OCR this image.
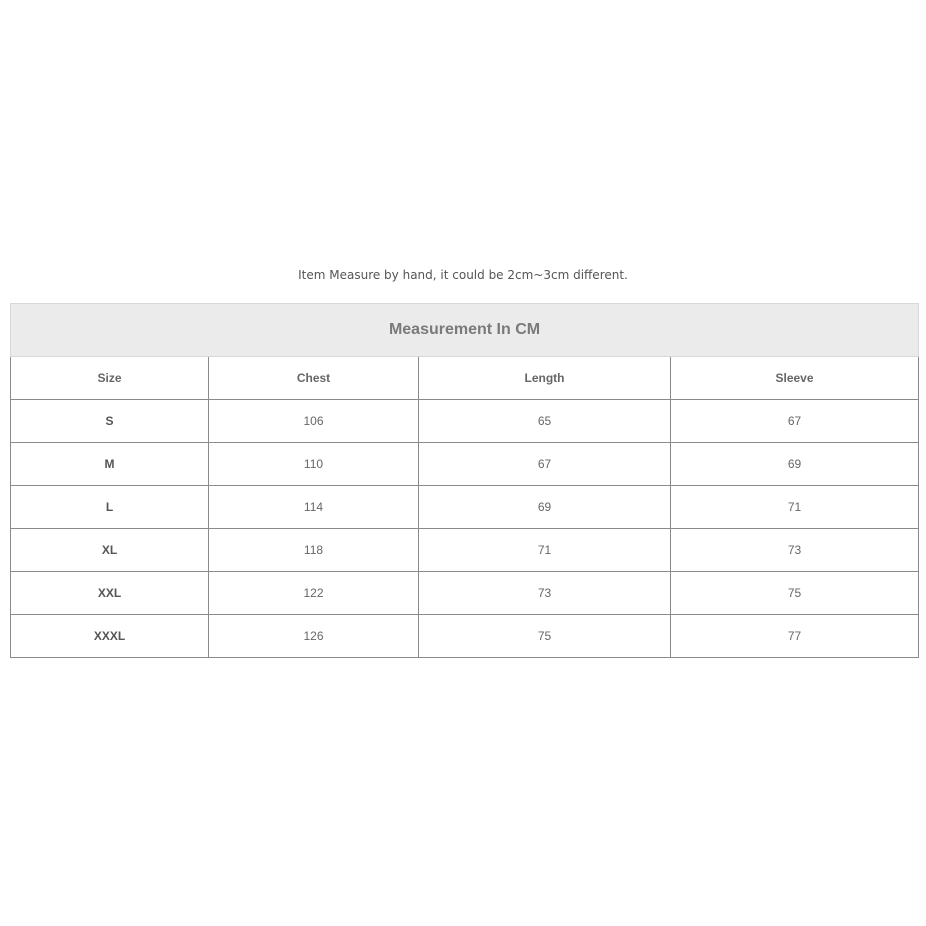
Item Measure by hand, it could be 2cm~3cm different.
Measurement In CM			
Size	Chest	Length	Sleeve
S	106	65	67
M	110	67	69
L	114	69	71
XL	118	71	73
XXL	122	73	75
XXXL	126	75	77
